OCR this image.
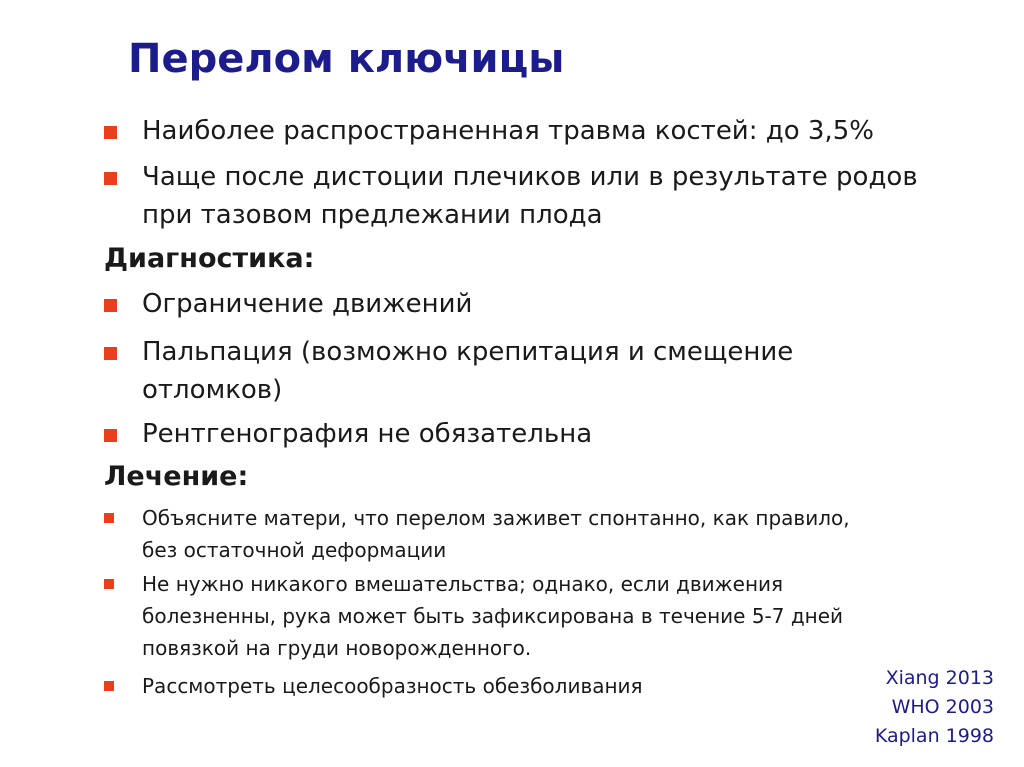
Перелом ключицы
Наиболее распространенная травма костей: до 3,5%
Чаще после дистоции плечиков или в результате родов
при тазовом предлежании плода
Диагностика:
Ограничение движений
Пальпация (возможно крепитация и смещение
отломков)
Рентгенография не обязательна
Лечение:
Объясните матери, что перелом заживет спонтанно, как правило,
без остаточной деформации
Не нужно никакого вмешательства; однако, если движения
болезненны, рука может быть зафиксирована в течение 5-7 дней
повязкой на груди новорожденного.
Рассмотреть целесообразность обезболивания	Xiang 2013
WHO 2003
Kaplan 1998
